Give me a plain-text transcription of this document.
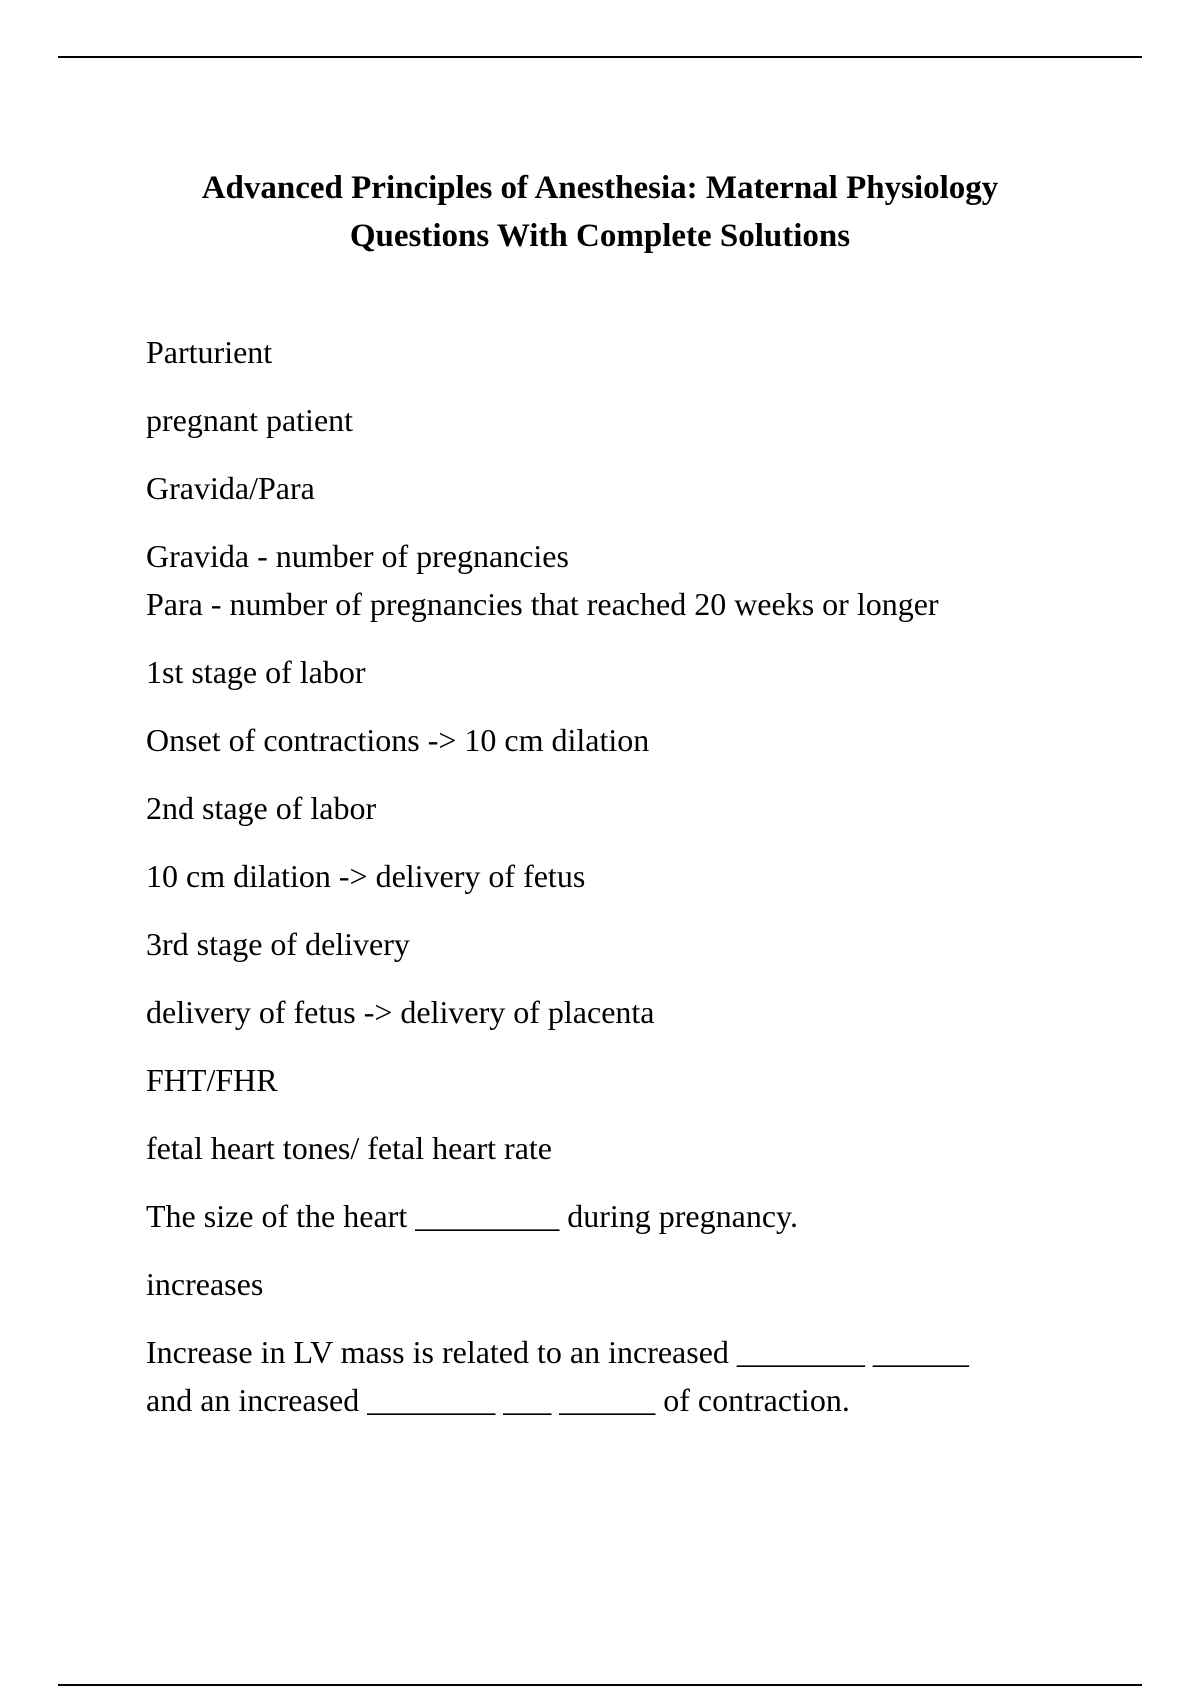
Advanced Principles of Anesthesia: Maternal Physiology
Questions With Complete Solutions

Parturient

pregnant patient

Gravida/Para

Gravida - number of pregnancies
Para - number of pregnancies that reached 20 weeks or longer

1st stage of labor

Onset of contractions -> 10 cm dilation

2nd stage of labor

10 cm dilation -> delivery of fetus

3rd stage of delivery

delivery of fetus -> delivery of placenta

FHT/FHR

fetal heart tones/ fetal heart rate

The size of the heart _________ during pregnancy.

increases

Increase in LV mass is related to an increased ________ ______
and an increased ________ ___ ______ of contraction.
